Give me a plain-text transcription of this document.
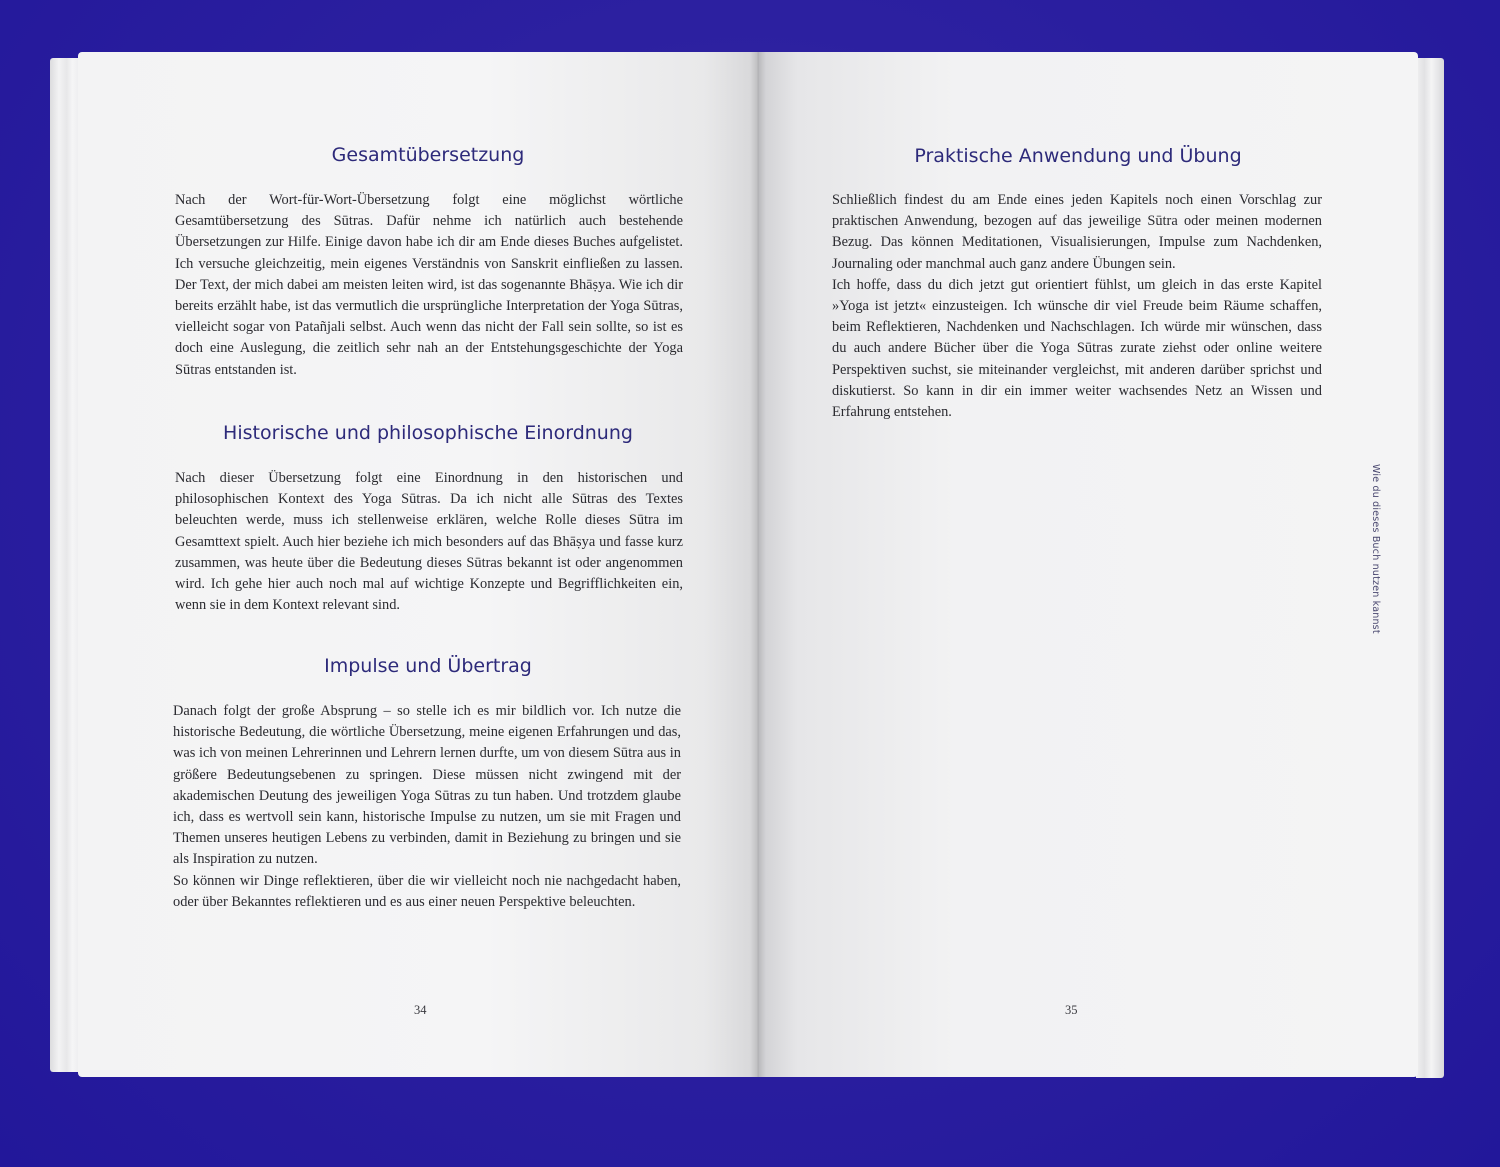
Gesamtübersetzung

Nach der Wort-für-Wort-Übersetzung folgt eine möglichst wörtliche Gesamtübersetzung des Sūtras. Dafür nehme ich natürlich auch bestehende Übersetzungen zur Hilfe. Einige davon habe ich dir am Ende dieses Buches aufgelistet. Ich versuche gleichzeitig, mein eigenes Verständnis von Sanskrit einfließen zu lassen. Der Text, der mich dabei am meisten leiten wird, ist das sogenannte Bhāṣya. Wie ich dir bereits erzählt habe, ist das vermutlich die ursprüngliche Interpretation der Yoga Sūtras, vielleicht sogar von Patañjali selbst. Auch wenn das nicht der Fall sein sollte, so ist es doch eine Auslegung, die zeitlich sehr nah an der Entstehungsgeschichte der Yoga Sūtras entstanden ist.

Historische und philosophische Einordnung

Nach dieser Übersetzung folgt eine Einordnung in den historischen und philosophischen Kontext des Yoga Sūtras. Da ich nicht alle Sūtras des Textes beleuchten werde, muss ich stellenweise erklären, welche Rolle dieses Sūtra im Gesamttext spielt. Auch hier beziehe ich mich besonders auf das Bhāṣya und fasse kurz zusammen, was heute über die Bedeutung dieses Sūtras bekannt ist oder angenommen wird. Ich gehe hier auch noch mal auf wichtige Konzepte und Begrifflichkeiten ein, wenn sie in dem Kontext relevant sind.

Impulse und Übertrag

Danach folgt der große Absprung – so stelle ich es mir bildlich vor. Ich nutze die historische Bedeutung, die wörtliche Übersetzung, meine eigenen Erfahrungen und das, was ich von meinen Lehrerinnen und Lehrern lernen durfte, um von diesem Sūtra aus in größere Bedeutungsebenen zu springen. Diese müssen nicht zwingend mit der akademischen Deutung des jeweiligen Yoga Sūtras zu tun haben. Und trotzdem glaube ich, dass es wertvoll sein kann, historische Impulse zu nutzen, um sie mit Fragen und Themen unseres heutigen Lebens zu verbinden, damit in Beziehung zu bringen und sie als Inspiration zu nutzen.

So können wir Dinge reflektieren, über die wir vielleicht noch nie nachgedacht haben, oder über Bekanntes reflektieren und es aus einer neuen Perspektive beleuchten.

34
Praktische Anwendung und Übung

Schließlich findest du am Ende eines jeden Kapitels noch einen Vorschlag zur praktischen Anwendung, bezogen auf das jeweilige Sūtra oder meinen modernen Bezug. Das können Meditationen, Visualisierungen, Impulse zum Nachdenken, Journaling oder manchmal auch ganz andere Übungen sein.

Ich hoffe, dass du dich jetzt gut orientiert fühlst, um gleich in das erste Kapitel »Yoga ist jetzt« einzusteigen. Ich wünsche dir viel Freude beim Räume schaffen, beim Reflektieren, Nachdenken und Nachschlagen. Ich würde mir wünschen, dass du auch andere Bücher über die Yoga Sūtras zurate ziehst oder online weitere Perspektiven suchst, sie miteinander vergleichst, mit anderen darüber sprichst und diskutierst. So kann in dir ein immer weiter wachsendes Netz an Wissen und Erfahrung entstehen.

35
Wie du dieses Buch nutzen kannst
